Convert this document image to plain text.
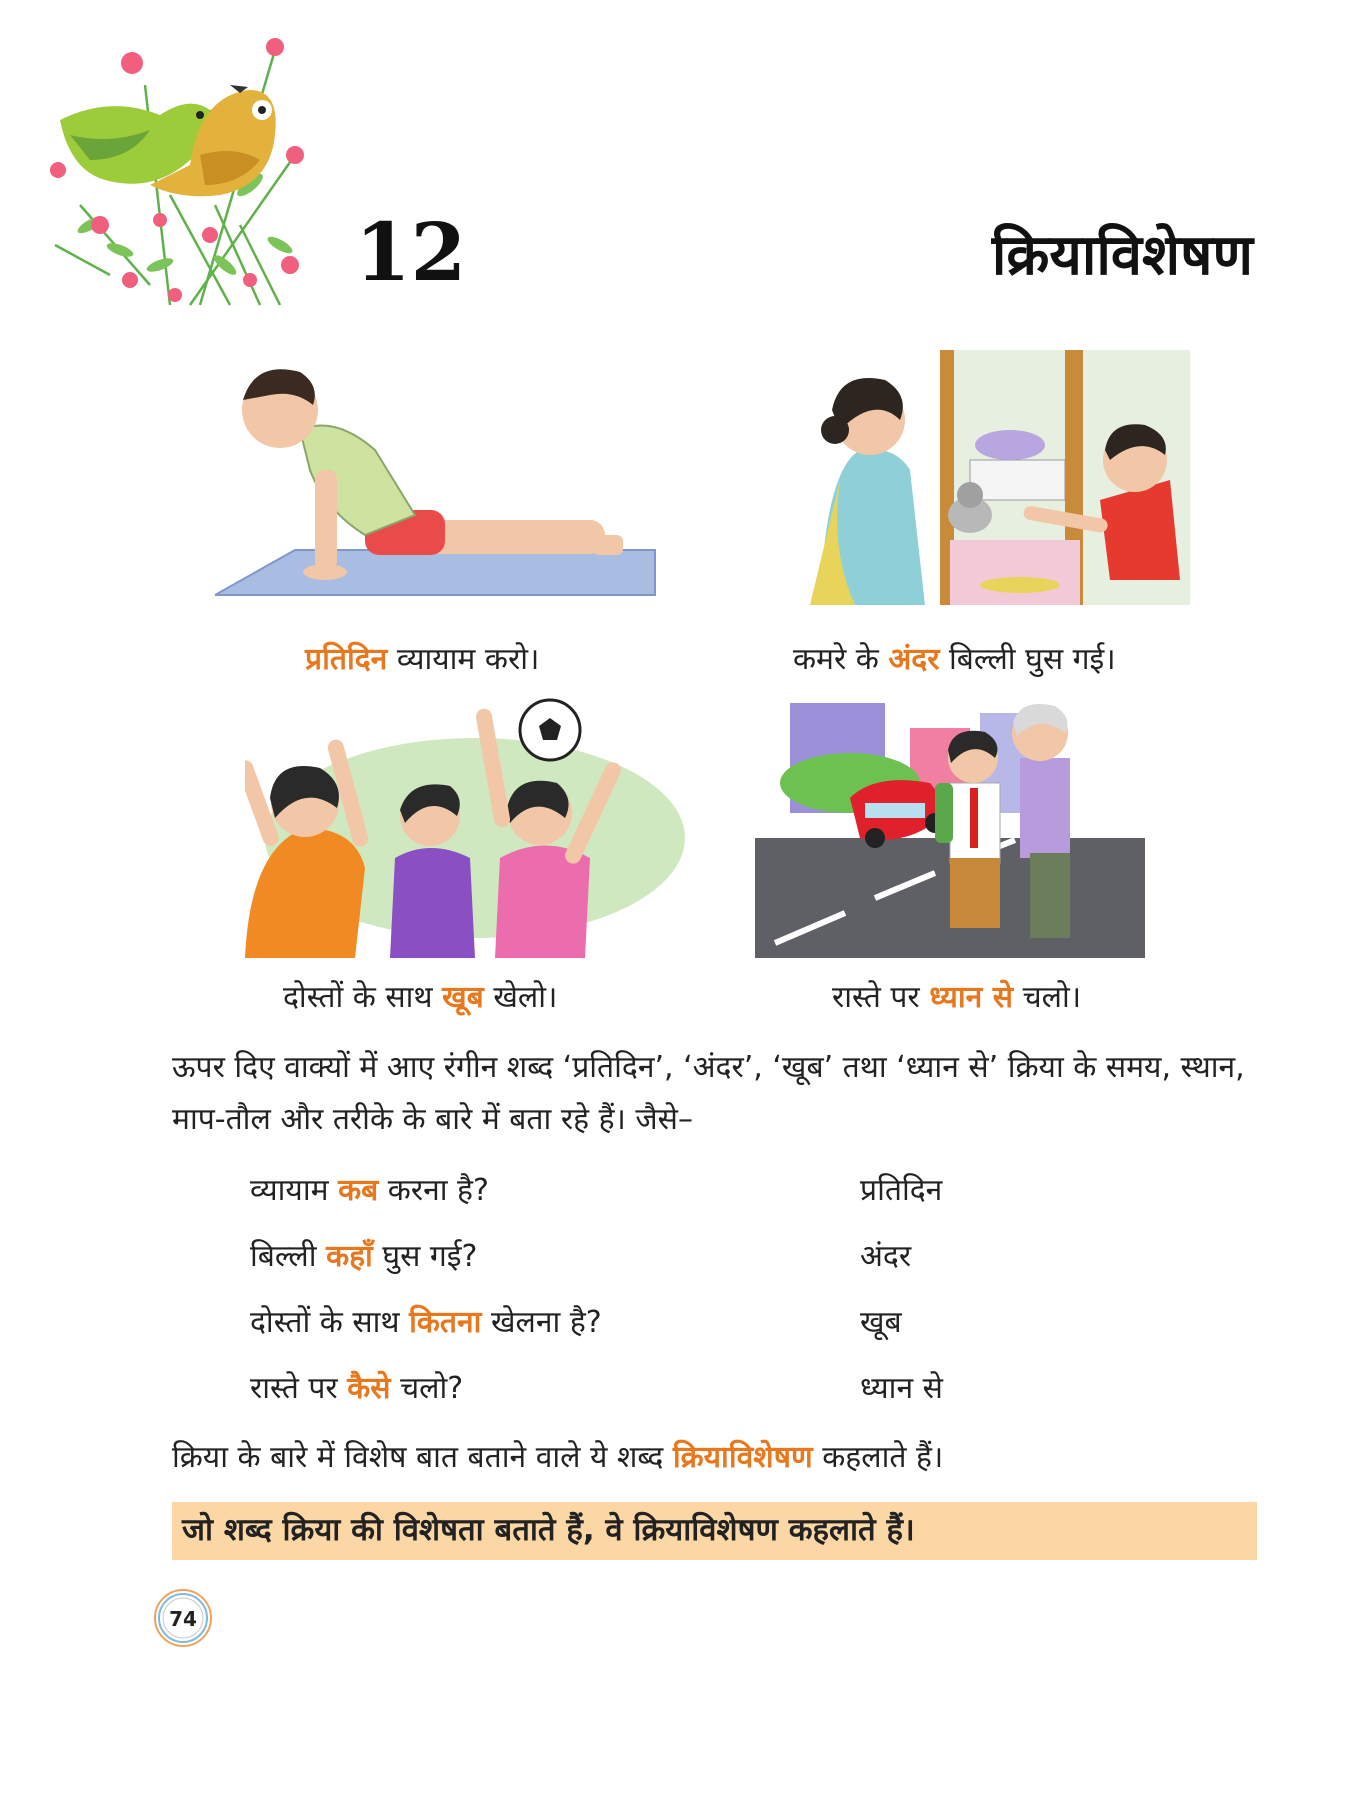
12	क्रियाविशेषण
प्रतिदिन व्यायाम करो।	कमरे के अंदर बिल्ली घुस गई।
दोस्तों के साथ खूब खेलो।	रास्ते पर ध्यान से चलो।

ऊपर दिए वाक्यों में आए रंगीन शब्द ‘प्रतिदिन’, ‘अंदर’, ‘खूब’ तथा ‘ध्यान से’ क्रिया के समय, स्थान, माप-तौल और तरीके के बारे में बता रहे हैं। जैसे–

व्यायाम कब करना है?	प्रतिदिन
बिल्ली कहाँ घुस गई?	अंदर
दोस्तों के साथ कितना खेलना है?	खूब
रास्ते पर कैसे चलो?	ध्यान से
क्रिया के बारे में विशेष बात बताने वाले ये शब्द क्रियाविशेषण कहलाते हैं।
जो शब्द क्रिया की विशेषता बताते हैं, वे क्रियाविशेषण कहलाते हैं।
74
